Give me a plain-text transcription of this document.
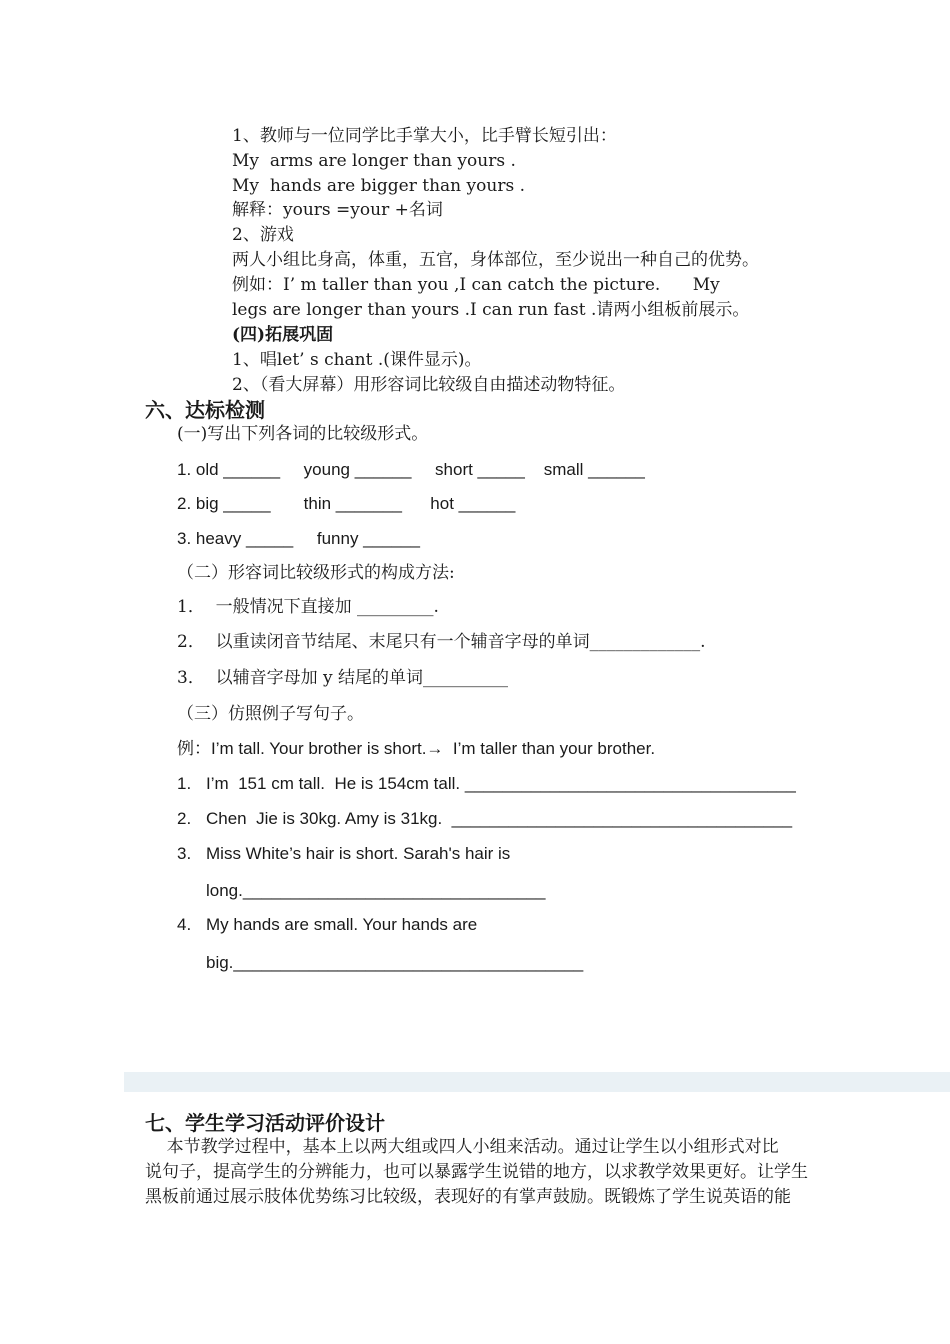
1、教师与一位同学比手掌大小，比手臂长短引出：
My  arms are longer than yours .
My  hands are bigger than yours .
解释：yours =your +名词
2、游戏
两人小组比身高，体重，五官，身体部位，至少说出一种自己的优势。
例如：I’ m taller than you ,I can catch the picture.      My
legs are longer than yours .I can run fast .请两小组板前展示。
(四)拓展巩固
1、唱let’ s chant .(课件显示)。
2、（看大屏幕）用形容词比较级自由描述动物特征。
六、达标检测
(一)写出下列各词的比较级形式。
1. old ______     young ______     short _____    small ______
2. big _____       thin _______      hot ______
3. heavy _____     funny ______
（二）形容词比较级形式的构成方法:
1．  一般情况下直接加 _________.
2．  以重读闭音节结尾、末尾只有一个辅音字母的单词_____________.
3．  以辅音字母加 y 结尾的单词__________
（三）仿照例子写句子。
例：I’m tall. Your brother is short.→  I’m taller than your brother.
1. I’m  151 cm tall.  He is 154cm tall. ___________________________________
2. Chen  Jie is 30kg. Amy is 31kg.  ____________________________________
3. Miss White’s hair is short. Sarah's hair is
long.________________________________
4. My hands are small. Your hands are
big._____________________________________
七、学生学习活动评价设计
本节教学过程中，基本上以两大组或四人小组来活动。通过让学生以小组形式对比
说句子，提高学生的分辨能力，也可以暴露学生说错的地方，以求教学效果更好。让学生
黑板前通过展示肢体优势练习比较级，表现好的有掌声鼓励。既锻炼了学生说英语的能
